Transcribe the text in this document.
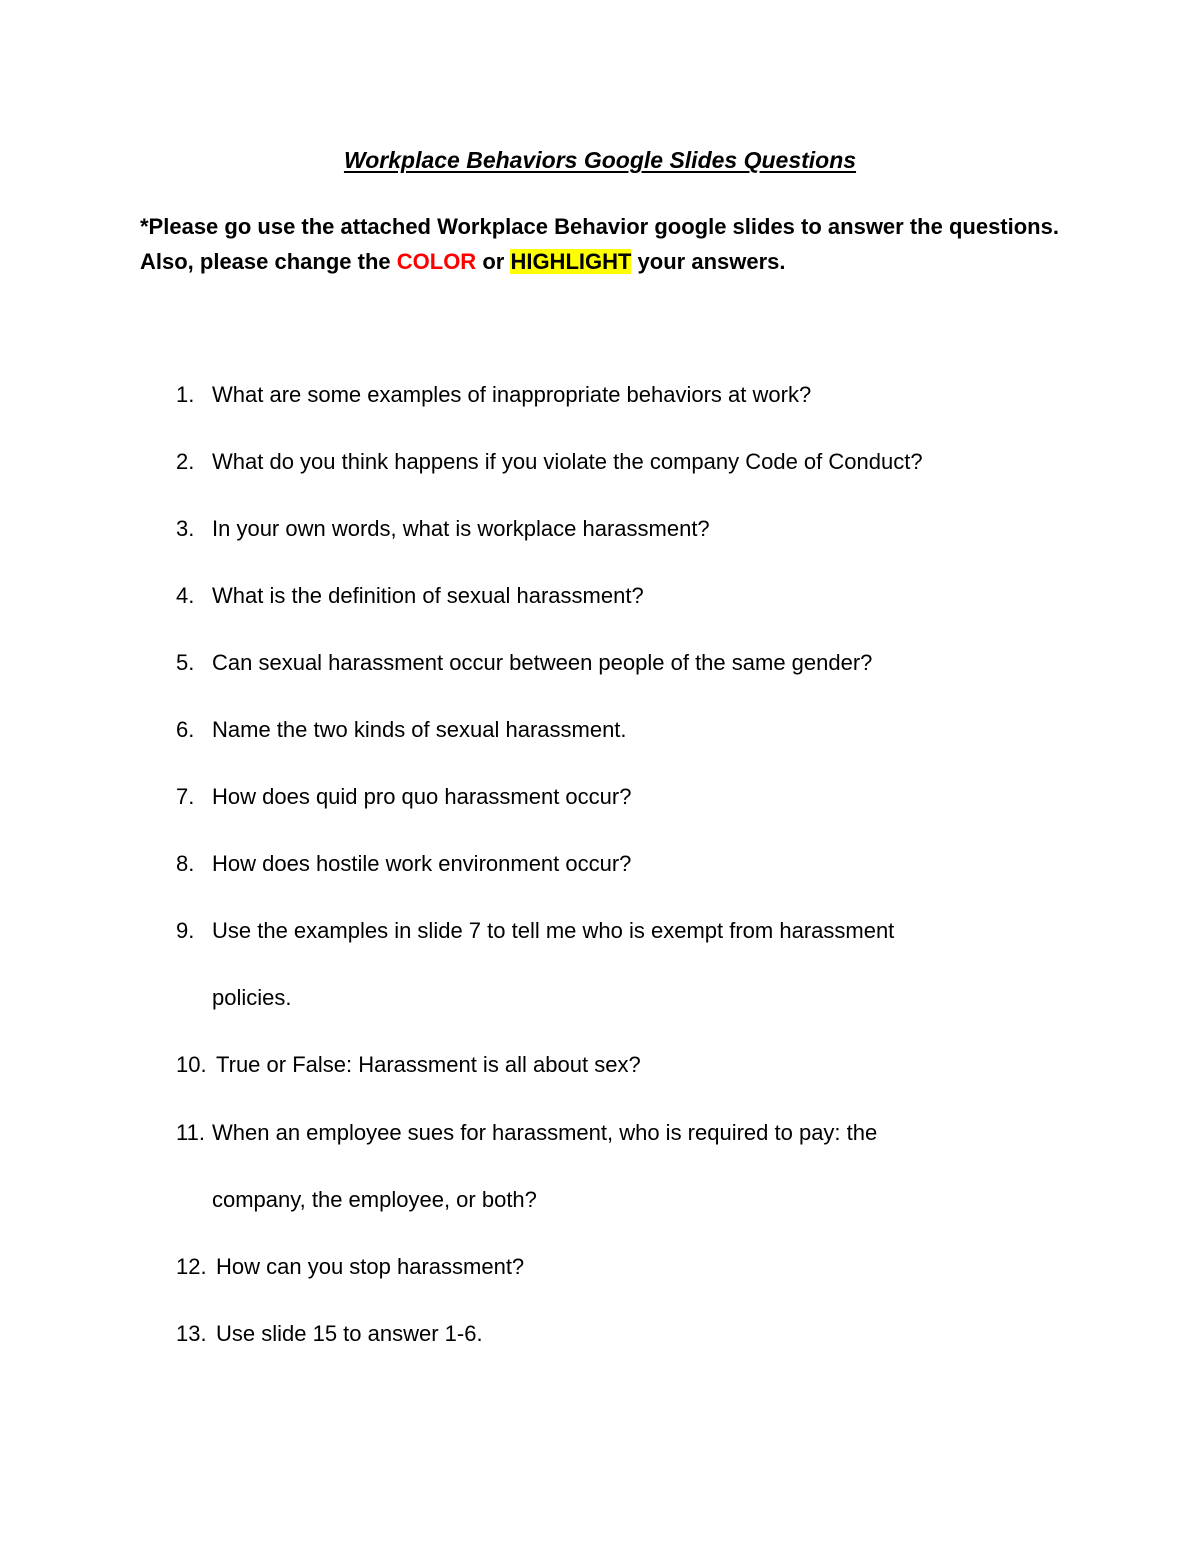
Workplace Behaviors Google Slides Questions
*Please go use the attached Workplace Behavior google slides to answer the questions. Also, please change the COLOR or HIGHLIGHT your answers.
1. What are some examples of inappropriate behaviors at work?
2. What do you think happens if you violate the company Code of Conduct?
3. In your own words, what is workplace harassment?
4. What is the definition of sexual harassment?
5. Can sexual harassment occur between people of the same gender?
6. Name the two kinds of sexual harassment.
7. How does quid pro quo harassment occur?
8. How does hostile work environment occur?
9. Use the examples in slide 7 to tell me who is exempt from harassment
policies.
10. True or False: Harassment is all about sex?
11. When an employee sues for harassment, who is required to pay: the
company, the employee, or both?
12. How can you stop harassment?
13. Use slide 15 to answer 1-6.
